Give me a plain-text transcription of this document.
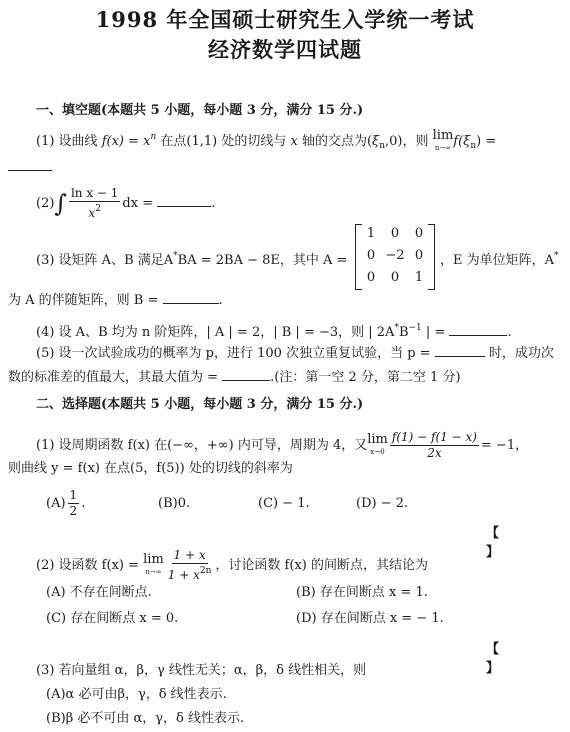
1998 年全国硕士研究生入学统一考试
经济数学四试题
一、填空题(本题共 5 小题，每小题 3 分，满分 15 分.)
(1) 设曲线 $f(x) = x^n$ 在点(1,1) 处的切线与 x 轴的交点为$(\xi_n,0)$，则 lim
n→∞ $f(\xi_n)$ =
$(2)\int \frac{\text{ln x − 1}}{x^2}$ dx =	.
(3) 设矩阵 A、B 满足A*BA = 2BA − 8E，其中 A =
1	0	0
0 −2 0
0	0	1
，E 为单位矩阵，A*
为 A 的伴随矩阵，则 B =	.
(4) 设 A、B 均为 n 阶矩阵，| A | = 2，| B | = −3，则 | $2A^*B^{-1}$ | =	.
(5) 设一次试验成功的概率为 p，进行 100 次独立重复试验，当 p =	时，成功次
数的标准差的值最大，其最大值为 =	.(注：第一空 2 分，第二空 1 分)
二、选择题(本题共 5 小题，每小题 3 分，满分 15 分.)
(1) 设周期函数 f(x) 在(−∞，+∞) 内可导，周期为 4，又 lim
$x\to 0 \frac{f(1) - f(1 - x)}{2x} = -1$，
则曲线 y = f(x) 在点(5，f(5)) 处的切线的斜率为
$(A) \frac{1}{2}$ .	(B)0.	(C) − 1.	(D) − 2.
【 】
(2) 设函数 f(x) = lim
$n\to\infty \frac{1 + x}{1 + x^{2n}}$ ，讨论函数 f(x) 的间断点，其结论为
(A) 不存在间断点.	(B) 存在间断点 x = 1.
(C) 存在间断点 x = 0.	(D) 存在间断点 x = − 1.
【 】
(3) 若向量组 α，β，γ 线性无关；α，β，δ 线性相关，则
(A)α 必可由β，γ，δ 线性表示.
(B)β 必不可由 α，γ，δ 线性表示.
